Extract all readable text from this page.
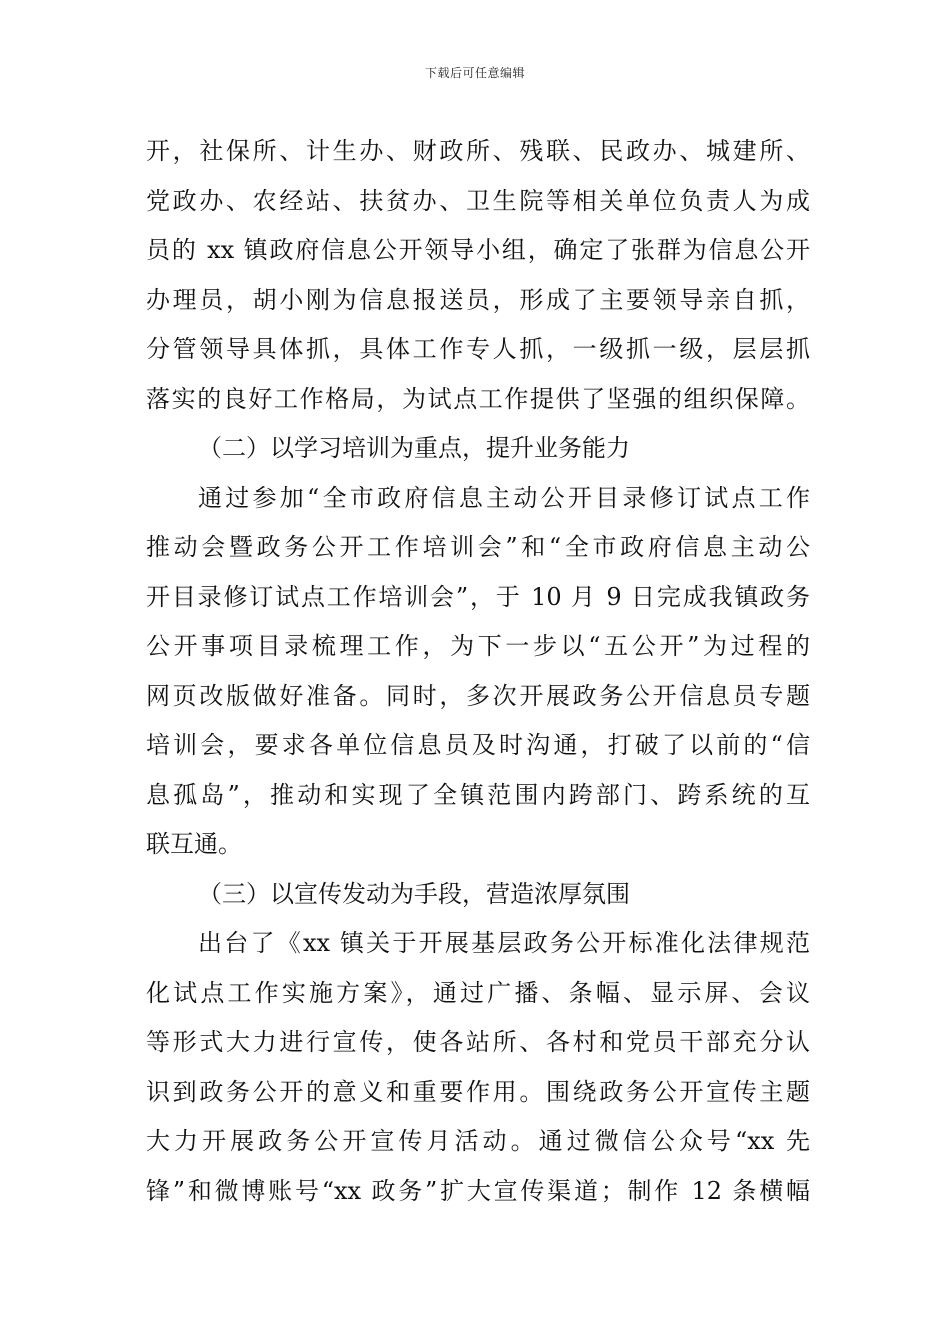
下载后可任意编辑
开，社保所、计生办、财政所、残联、民政办、城建所、
党政办、农经站、扶贫办、卫生院等相关单位负责人为成
员的 xx 镇政府信息公开领导小组，确定了张群为信息公开
办理员，胡小刚为信息报送员，形成了主要领导亲自抓，
分管领导具体抓，具体工作专人抓，一级抓一级，层层抓
落实的良好工作格局，为试点工作提供了坚强的组织保障。
（二）以学习培训为重点，提升业务能力
通过参加“全市政府信息主动公开目录修订试点工作
推动会暨政务公开工作培训会”和“全市政府信息主动公
开目录修订试点工作培训会”，于 10 月 9 日完成我镇政务
公开事项目录梳理工作，为下一步以“五公开”为过程的
网页改版做好准备。同时，多次开展政务公开信息员专题
培训会，要求各单位信息员及时沟通，打破了以前的“信
息孤岛”，推动和实现了全镇范围内跨部门、跨系统的互
联互通。
（三）以宣传发动为手段，营造浓厚氛围
出台了《xx 镇关于开展基层政务公开标准化法律规范
化试点工作实施方案》，通过广播、条幅、显示屏、会议
等形式大力进行宣传，使各站所、各村和党员干部充分认
识到政务公开的意义和重要作用。围绕政务公开宣传主题
大力开展政务公开宣传月活动。通过微信公众号“xx 先
锋”和微博账号“xx 政务”扩大宣传渠道；制作 12 条横幅
